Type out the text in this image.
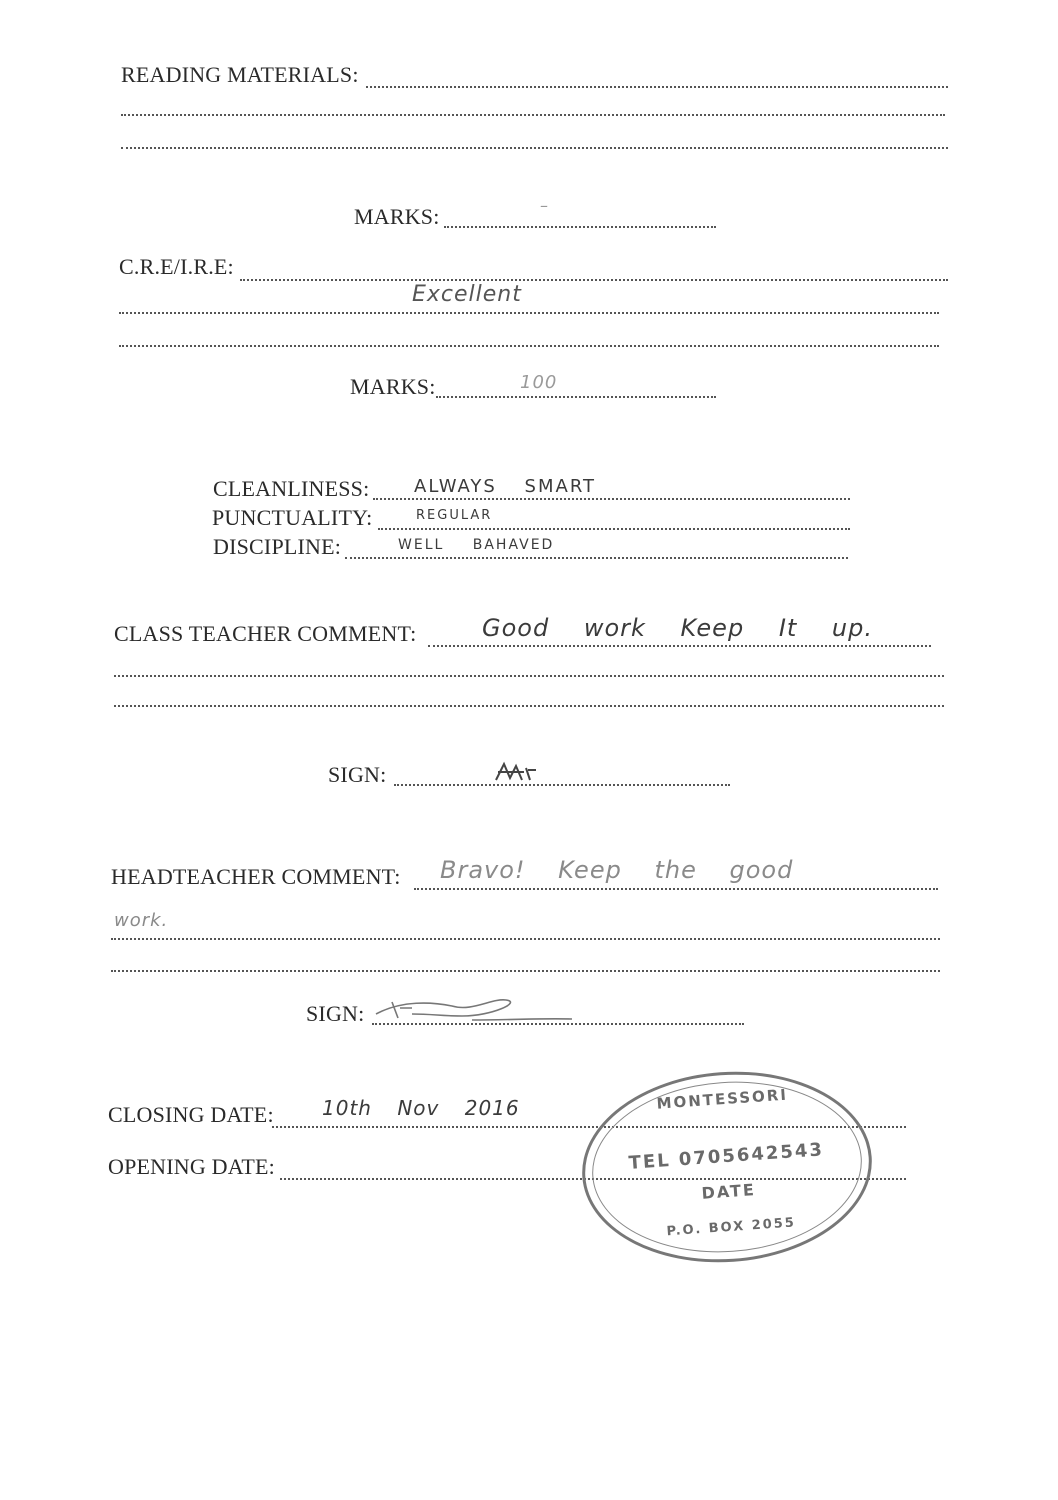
READING MATERIALS:
MARKS:	–
C.R.E/I.R.E:
Excellent
MARKS:	100
CLEANLINESS: ALWAYS SMART
PUNCTUALITY:	REGULAR
DISCIPLINE:	WELL BAHAVED
CLASS TEACHER COMMENT:	Good work Keep It up.
SIGN:
HEADTEACHER COMMENT: Bravo! Keep the good
work.
SIGN:
CLOSING DATE: 10th Nov 2016
OPENING DATE:
MONTESSORI
TEL 0705642543
DATE
P.O. BOX 2055
